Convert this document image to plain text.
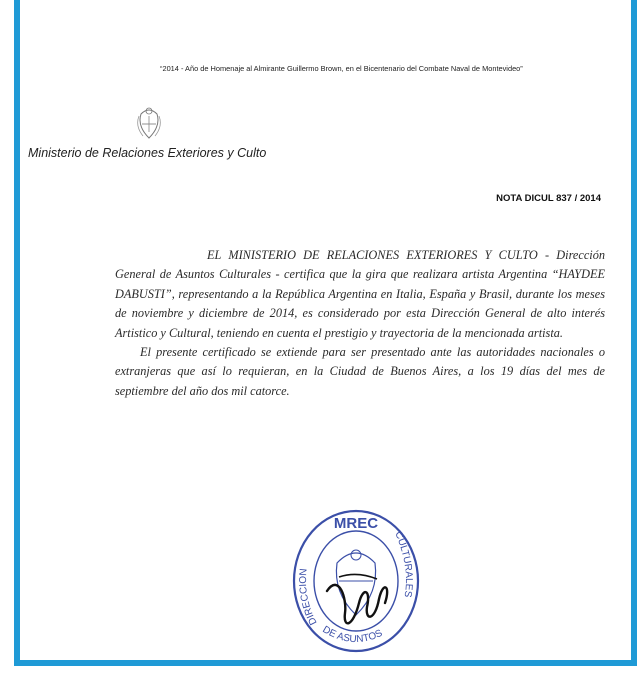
“2014 - Año de Homenaje al Almirante Guillermo Brown, en el Bicentenario del Combate Naval de Montevideo”
Ministerio de Relaciones Exteriores y Culto
NOTA DICUL 837 / 2014

EL MINISTERIO DE RELACIONES EXTERIORES Y CULTO - Dirección General de Asuntos Culturales - certifica que la gira que realizara artista Argentina “HAYDEE DABUSTI”, representando a la República Argentina en Italia, España y Brasil, durante los meses de noviembre y diciembre de 2014, es considerado por esta Dirección General de alto interés Artistico y Cultural, teniendo en cuenta el prestigio y trayectoria de la mencionada artista.

El presente certificado se extiende para ser presentado ante las autoridades nacionales o extranjeras que así lo requieran, en la Ciudad de Buenos Aires, a los 19 días del mes de septiembre del año dos mil catorce.

MREC
DIRECCION
DE ASUNTOS
CULTURALES
